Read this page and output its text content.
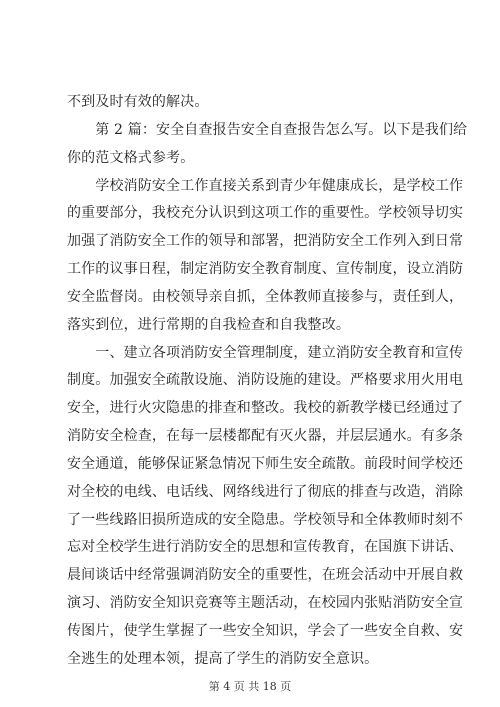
不到及时有效的解决。
　　第 2 篇：安全自查报告安全自查报告怎么写。以下是我们给
你的范文格式参考。
　　学校消防安全工作直接关系到青少年健康成长，是学校工作
的重要部分，我校充分认识到这项工作的重要性。学校领导切实
加强了消防安全工作的领导和部署，把消防安全工作列入到日常
工作的议事日程，制定消防安全教育制度、宣传制度，设立消防
安全监督岗。由校领导亲自抓，全体教师直接参与，责任到人，
落实到位，进行常期的自我检查和自我整改。
　　一、建立各项消防安全管理制度，建立消防安全教育和宣传
制度。加强安全疏散设施、消防设施的建设。严格要求用火用电
安全，进行火灾隐患的排查和整改。我校的新教学楼已经通过了
消防安全检查，在每一层楼都配有灭火器，并层层通水。有多条
安全通道，能够保证紧急情况下师生安全疏散。前段时间学校还
对全校的电线、电话线、网络线进行了彻底的排查与改造，消除
了一些线路旧损所造成的安全隐患。学校领导和全体教师时刻不
忘对全校学生进行消防安全的思想和宣传教育，在国旗下讲话、
晨间谈话中经常强调消防安全的重要性，在班会活动中开展自救
演习、消防安全知识竞赛等主题活动，在校园内张贴消防安全宣
传图片，使学生掌握了一些安全知识，学会了一些安全自救、安
全逃生的处理本领，提高了学生的消防安全意识。
第 4 页 共 18 页
